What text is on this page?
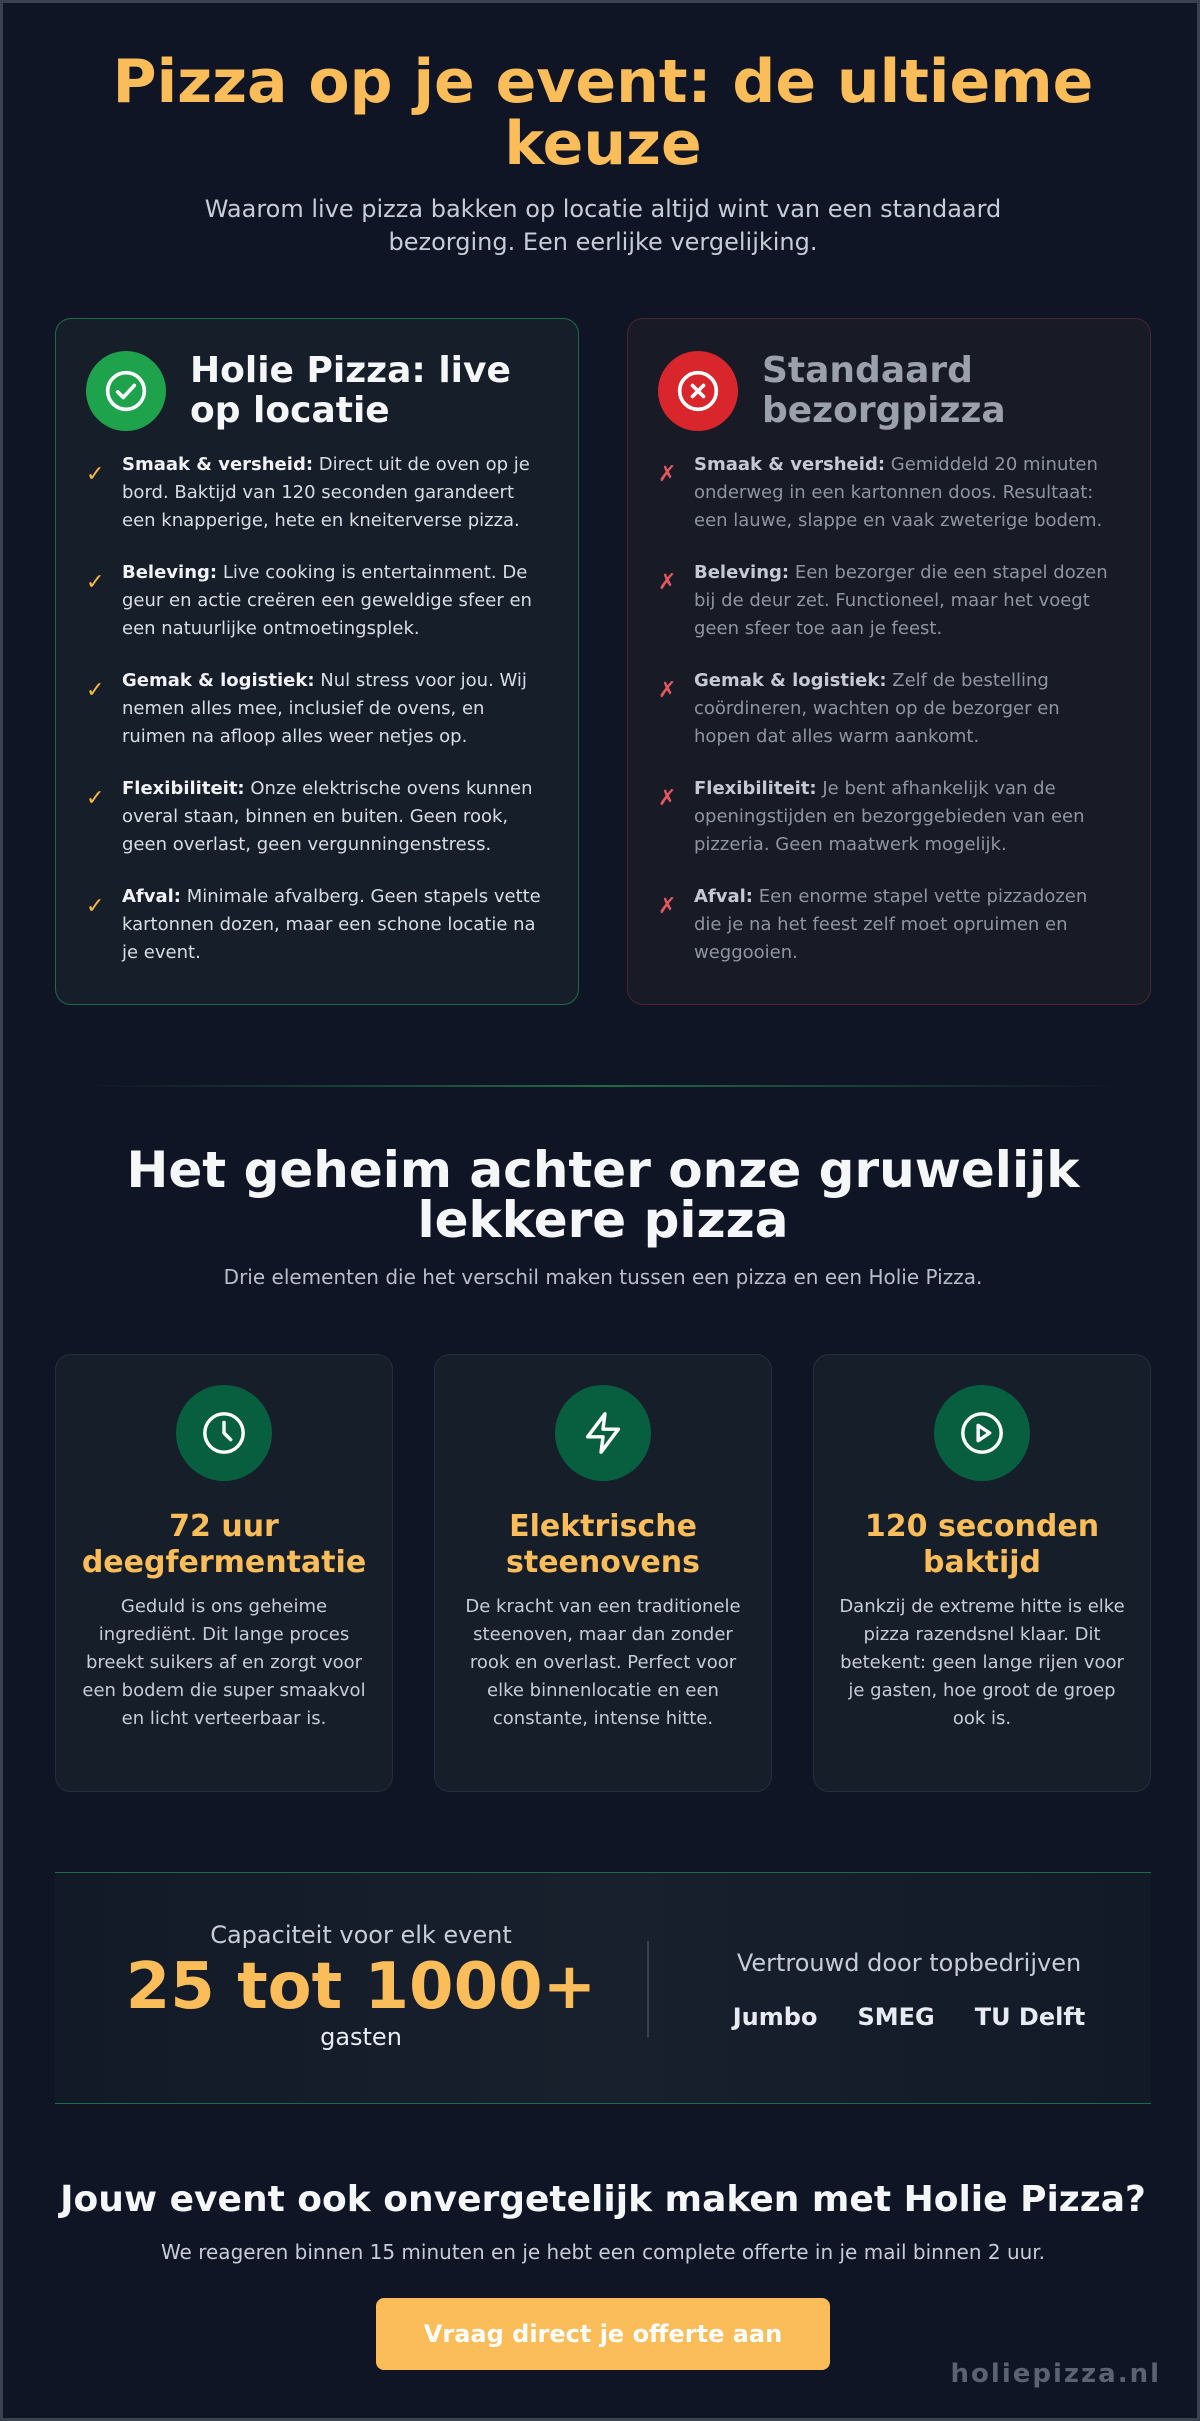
Pizza op je event: de ultieme keuze

Waarom live pizza bakken op locatie altijd wint van een standaard bezorging. Een eerlijke vergelijking.

Holie Pizza: live op locatie
✓ Smaak & versheid: Direct uit de oven op je bord. Baktijd van 120 seconden garandeert een knapperige, hete en kneiterverse pizza.
✓ Beleving: Live cooking is entertainment. De geur en actie creëren een geweldige sfeer en een natuurlijke ontmoetingsplek.
✓ Gemak & logistiek: Nul stress voor jou. Wij nemen alles mee, inclusief de ovens, en ruimen na afloop alles weer netjes op.
✓ Flexibiliteit: Onze elektrische ovens kunnen overal staan, binnen en buiten. Geen rook, geen overlast, geen vergunningenstress.
✓ Afval: Minimale afvalberg. Geen stapels vette kartonnen dozen, maar een schone locatie na je event.
Standaard bezorgpizza
✗ Smaak & versheid: Gemiddeld 20 minuten onderweg in een kartonnen doos. Resultaat: een lauwe, slappe en vaak zweterige bodem.
✗ Beleving: Een bezorger die een stapel dozen bij de deur zet. Functioneel, maar het voegt geen sfeer toe aan je feest.
✗ Gemak & logistiek: Zelf de bestelling coördineren, wachten op de bezorger en hopen dat alles warm aankomt.
✗ Flexibiliteit: Je bent afhankelijk van de openingstijden en bezorggebieden van een pizzeria. Geen maatwerk mogelijk.
✗ Afval: Een enorme stapel vette pizzadozen die je na het feest zelf moet opruimen en weggooien.
Het geheim achter onze gruwelijk lekkere pizza

Drie elementen die het verschil maken tussen een pizza en een Holie Pizza.

72 uur deegfermentatie

Geduld is ons geheime ingrediënt. Dit lange proces breekt suikers af en zorgt voor een bodem die super smaakvol en licht verteerbaar is.

Elektrische steenovens

De kracht van een traditionele steenoven, maar dan zonder rook en overlast. Perfect voor elke binnenlocatie en een constante, intense hitte.

120 seconden baktijd

Dankzij de extreme hitte is elke pizza razendsnel klaar. Dit betekent: geen lange rijen voor je gasten, hoe groot de groep ook is.

Capaciteit voor elk event
25 tot 1000+
gasten
Vertrouwd door topbedrijven
Jumbo SMEG TU Delft
Jouw event ook onvergetelijk maken met Holie Pizza?

We reageren binnen 15 minuten en je hebt een complete offerte in je mail binnen 2 uur.

Vraag direct je offerte aan
holiepizza.nl
